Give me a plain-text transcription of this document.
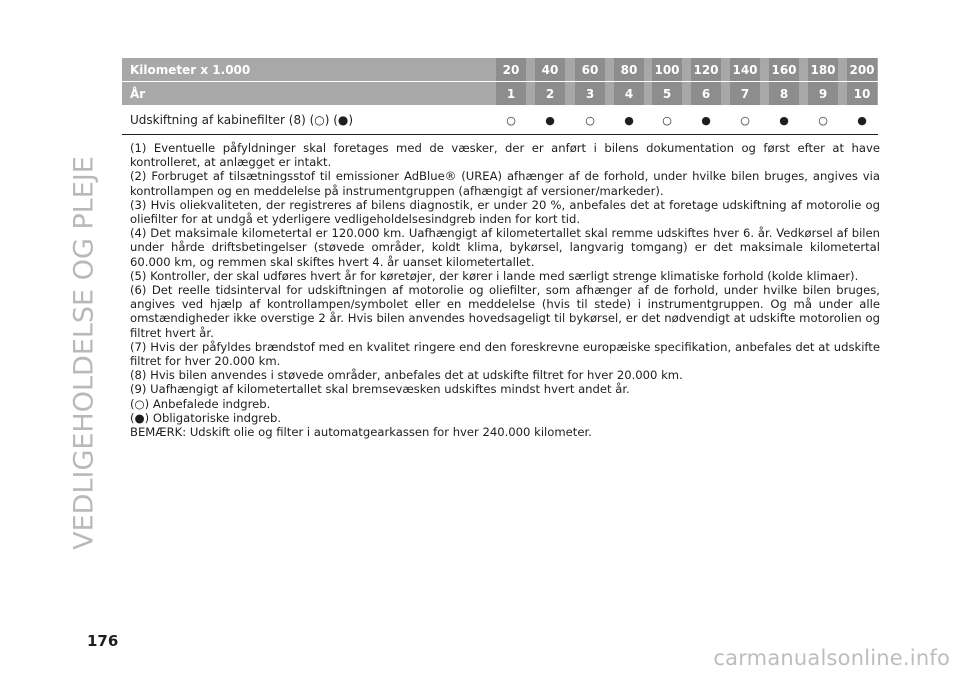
VEDLIGEHOLDELSE OG PLEJE
Kilometer x 1.000	20	40	60	80	100 120 140 160 180 200
År	1	2	3	4	5	6	7	8	9	10
Udskiftning af kabinefilter (8) (○) (●)	○	●	○	●	○	●	○	●	○	●

(1) Eventuelle påfyldninger skal foretages med de væsker, der er anført i bilens dokumentation og først efter at have kontrolleret, at anlægget er intakt.

(2) Forbruget af tilsætningsstof til emissioner AdBlue® (UREA) afhænger af de forhold, under hvilke bilen bruges, angives via kontrollampen og en meddelelse på instrumentgruppen (afhængigt af versioner/markeder).

(3) Hvis oliekvaliteten, der registreres af bilens diagnostik, er under 20 %, anbefales det at foretage udskiftning af motorolie og oliefilter for at undgå et yderligere vedligeholdelsesindgreb inden for kort tid.

(4) Det maksimale kilometertal er 120.000 km. Uafhængigt af kilometertallet skal remme udskiftes hver 6. år. Vedkørsel af bilen under hårde driftsbetingelser (støvede områder, koldt klima, bykørsel, langvarig tomgang) er det maksimale kilometertal 60.000 km, og remmen skal skiftes hvert 4. år uanset kilometertallet.

(5) Kontroller, der skal udføres hvert år for køretøjer, der kører i lande med særligt strenge klimatiske forhold (kolde klimaer).

(6) Det reelle tidsinterval for udskiftningen af motorolie og oliefilter, som afhænger af de forhold, under hvilke bilen bruges, angives ved hjælp af kontrollampen/symbolet eller en meddelelse (hvis til stede) i instrumentgruppen. Og må under alle omstændigheder ikke overstige 2 år. Hvis bilen anvendes hovedsageligt til bykørsel, er det nødvendigt at udskifte motorolien og filtret hvert år.

(7) Hvis der påfyldes brændstof med en kvalitet ringere end den foreskrevne europæiske specifikation, anbefales det at udskifte filtret for hver 20.000 km.

(8) Hvis bilen anvendes i støvede områder, anbefales det at udskifte filtret for hver 20.000 km.

(9) Uafhængigt af kilometertallet skal bremsevæsken udskiftes mindst hvert andet år.

(○) Anbefalede indgreb.

(●) Obligatoriske indgreb.

BEMÆRK: Udskift olie og filter i automatgearkassen for hver 240.000 kilometer.

176
carmanualsonline.info
